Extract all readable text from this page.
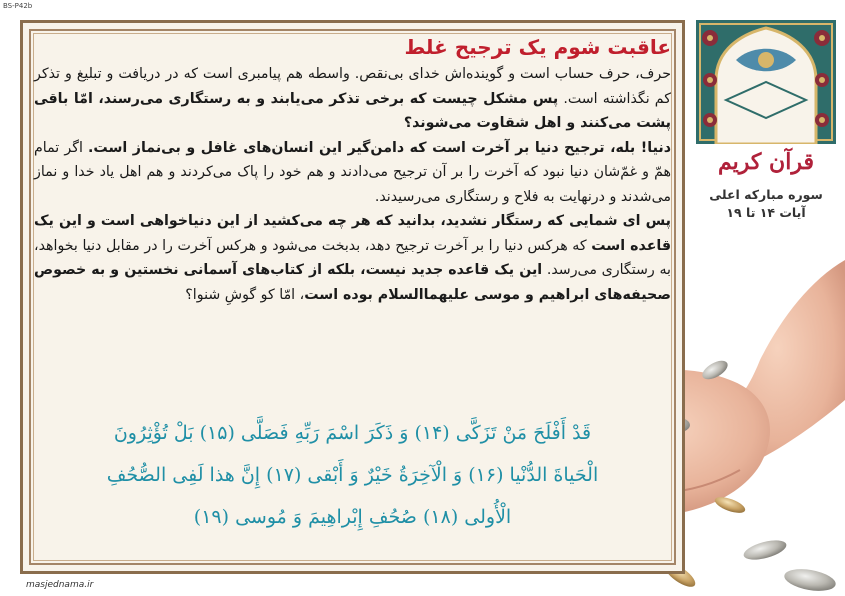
BS-P42b
عاقبت شوم یک ترجیح غلط

حرف، حرف حساب است و گوینده‌اش خدای بی‌نقص. واسطه هم پیامبری است که در دریافت و تبلیغ و تذکر کم نگذاشته است. پس مشکل چیست که برخی تذکر می‌یابند و به رستگاری می‌رسند، امّا باقی پشت می‌کنند و اهل شقاوت می‌شوند؟

دنیا! بله، ترجیح دنیا بر آخرت است که دامن‌گیر این انسان‌های غافل و بی‌نماز است. اگر تمام همّ و غمّ‌شان دنیا نبود که آخرت را بر آن ترجیح می‌دادند و هم خود را پاک می‌کردند و هم اهل یاد خدا و نماز می‌شدند و درنهایت به فلاح و رستگاری می‌رسیدند.

پس ای شمایی که رستگار نشدید، بدانید که هر چه می‌کشید از این دنیاخواهی است و این یک قاعده است که هرکس دنیا را بر آخرت ترجیح دهد، بدبخت می‌شود و هرکس آخرت را در مقابل دنیا بخواهد، به رستگاری می‌رسد. این یک قاعده جدید نیست، بلکه از کتاب‌های آسمانی نخستین و به خصوص صحیفه‌های ابراهیم و موسی علیهماالسلام بوده است، امّا کو گوشِ شنوا؟

قَدْ أَفْلَحَ مَنْ تَزَکَّی (۱۴) وَ ذَکَرَ اسْمَ رَبِّهِ فَصَلَّی (۱۵) بَلْ تُؤْثِرُونَ
الْحَیاةَ الدُّنْیا (۱۶) وَ الْآخِرَةُ خَیْرٌ وَ أَبْقی (۱۷) إِنَّ هذا لَفِی الصُّحُفِ
الْأُولی (۱۸) صُحُفِ إِبْراهِیمَ وَ مُوسی (۱۹)
قرآن کریم
سوره مبارکه اعلی
آیات ۱۴ تا ۱۹
masjednama.ir
